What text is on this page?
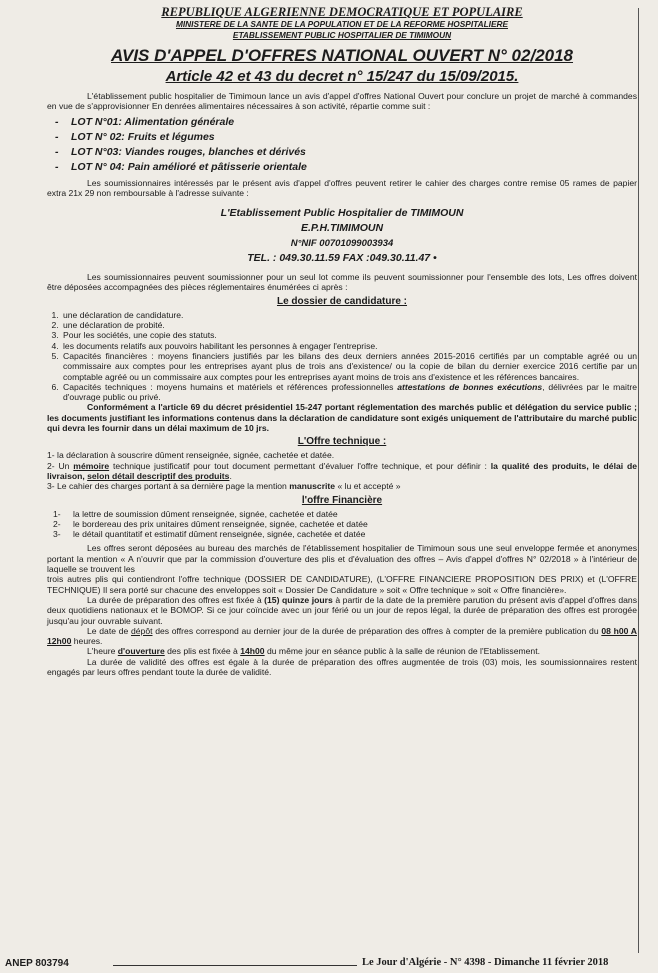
REPUBLIQUE ALGERIENNE DEMOCRATIQUE ET POPULAIRE
MINISTERE DE LA SANTE DE LA POPULATION ET DE LA REFORME HOSPITALIERE
ETABLISSEMENT PUBLIC HOSPITALIER DE TIMIMOUN
AVIS D'APPEL D'OFFRES NATIONAL OUVERT N° 02/2018
Article 42 et 43 du decret n° 15/247 du 15/09/2015.

L'établissement public hospitalier de Timimoun lance un avis d'appel d'offres National Ouvert pour conclure un projet de marché à commandes en vue de s'approvisionner En denrées alimentaires nécessaires à son activité, répartie comme suit :

- LOT N°01: Alimentation générale
- LOT N° 02: Fruits et légumes
- LOT N°03: Viandes rouges, blanches et dérivés
- LOT N° 04: Pain amélioré et pâtisserie orientale

Les soumissionnaires intéressés par le présent avis d'appel d'offres peuvent retirer le cahier des charges contre remise 05 rames de papier extra 21x 29 non remboursable à l'adresse suivante :

L'Etablissement Public Hospitalier de TIMIMOUN
E.P.H.TIMIMOUN
N°NIF 00701099003934
TEL. : 049.30.11.59 FAX :049.30.11.47 •

Les soumissionnaires peuvent soumissionner pour un seul lot comme ils peuvent soumissionner pour l'ensemble des lots, Les offres doivent être déposées accompagnées des pièces réglementaires énumérées ci après :

Le dossier de candidature :
1. une déclaration de candidature.
2. une déclaration de probité.
3. Pour les sociétés, une copie des statuts.
4. les documents relatifs aux pouvoirs habilitant les personnes à engager l'entreprise.
5. Capacités financières : moyens financiers justifiés par les bilans des deux derniers années 2015-2016 certifiés par un comptable agréé ou un commissaire aux comptes pour les entreprises ayant plus de trois ans d'existence/ ou la copie de bilan du dernier exercice 2016 certifie par un comptable agréé ou un commissaire aux comptes pour les entreprises ayant moins de trois ans d'existence et les références bancaires.
6. Capacités techniques : moyens humains et matériels et références professionnelles attestations de bonnes exécutions, délivrées par le maitre d'ouvrage public ou privé.

Conformément a l'article 69 du décret présidentiel 15-247 portant réglementation des marchés public et délégation du service public ; les documents justifiant les informations contenus dans la déclaration de candidature sont exigés uniquement de l'attributaire du marché public qui devra les fournir dans un délai maximum de 10 jrs.

L'Offre technique :

1- la déclaration à souscrire dûment renseignée, signée, cachetée et datée.

2- Un mémoire technique justificatif pour tout document permettant d'évaluer l'offre technique, et pour définir : la qualité des produits, le délai de livraison, selon détail descriptif des produits.

3- Le cahier des charges portant à sa dernière page la mention manuscrite « lu et accepté »

l'offre Financière
1- la lettre de soumission dûment renseignée, signée, cachetée et datée
2- le bordereau des prix unitaires dûment renseignée, signée, cachetée et datée
3- le détail quantitatif et estimatif dûment renseignée, signée, cachetée et datée

Les offres seront déposées au bureau des marchés de l'établissement hospitalier de Timimoun sous une seul enveloppe fermée et anonymes portant la mention « A n'ouvrir que par la commission d'ouverture des plis et d'évaluation des offres – Avis d'appel d'offres N° 02/2018 » à l'intérieur de laquelle se trouvent les

trois autres plis qui contiendront l'offre technique (DOSSIER DE CANDIDATURE), (L'OFFRE FINANCIERE PROPOSITION DES PRIX) et (L'OFFRE TECHNIQUE) Il sera porté sur chacune des enveloppes soit « Dossier De Candidature » soit « Offre technique » soit « Offre financière».

La durée de préparation des offres est fixée à (15) quinze jours à partir de la date de la première parution du présent avis d'appel d'offres dans deux quotidiens nationaux et le BOMOP. Si ce jour coïncide avec un jour férié ou un jour de repos légal, la durée de préparation des offres est prorogée jusqu'au jour ouvrable suivant.

Le date de dépôt des offres correspond au dernier jour de la durée de préparation des offres à compter de la première publication du 08 h00 A 12h00 heures.

L'heure d'ouverture des plis est fixée à 14h00 du même jour en séance public à la salle de réunion de l'Etablissement.

La durée de validité des offres est égale à la durée de préparation des offres augmentée de trois (03) mois, les soumissionnaires restent engagés par leurs offres pendant toute la durée de validité.

ANEP 803794	Le Jour d'Algérie - N° 4398 - Dimanche 11 février 2018
